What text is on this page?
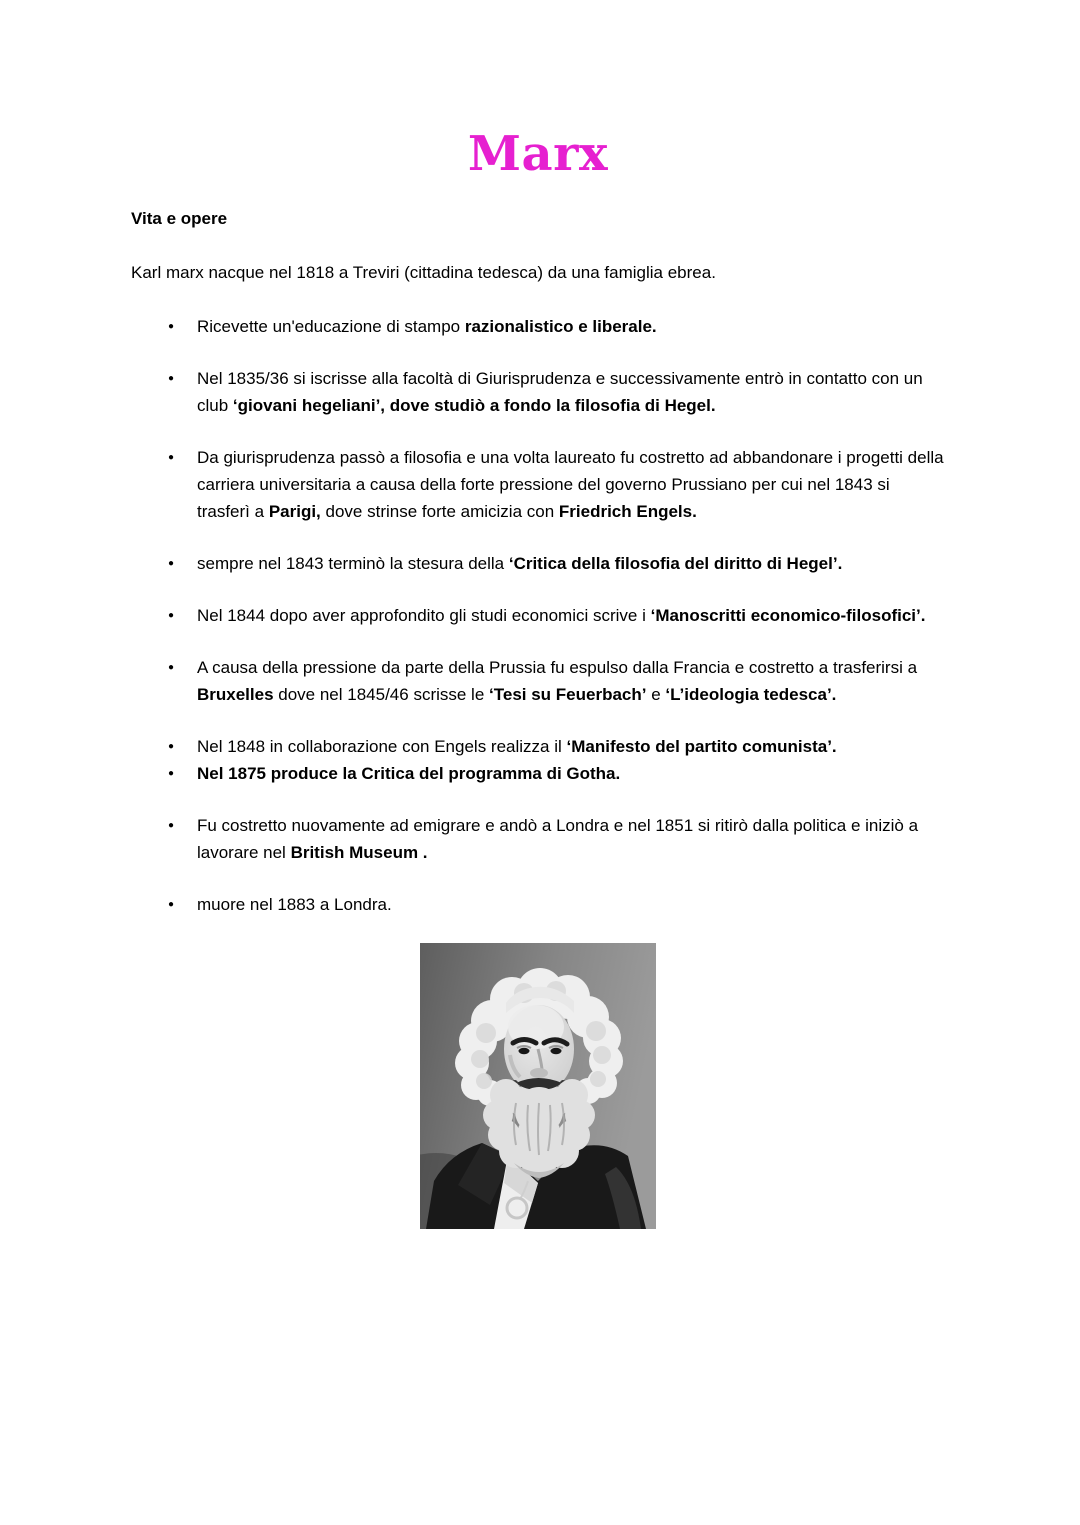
Marx
Vita e opere

Karl marx nacque nel 1818 a Treviri (cittadina tedesca) da una famiglia ebrea.

● Ricevette un'educazione di stampo razionalistico e liberale.
● Nel 1835/36 si iscrisse alla facoltà di Giurisprudenza e successivamente entrò in contatto con un club ‘giovani hegeliani’, dove studiò a fondo la filosofia di Hegel.
● Da giurisprudenza passò a filosofia e una volta laureato fu costretto ad abbandonare i progetti della carriera universitaria a causa della forte pressione del governo Prussiano per cui nel 1843 si trasferì a Parigi, dove strinse forte amicizia con Friedrich Engels.
● sempre nel 1843 terminò la stesura della ‘Critica della filosofia del diritto di Hegel’.
● Nel 1844 dopo aver approfondito gli studi economici scrive i ‘Manoscritti economico-filosofici’.
● A causa della pressione da parte della Prussia fu espulso dalla Francia e costretto a trasferirsi a Bruxelles dove nel 1845/46 scrisse le ‘Tesi su Feuerbach’ e ‘L’ideologia tedesca’.
● Nel 1848 in collaborazione con Engels realizza il ‘Manifesto del partito comunista’.
● Nel 1875 produce la Critica del programma di Gotha.
● Fu costretto nuovamente ad emigrare e andò a Londra e nel 1851 si ritirò dalla politica e iniziò a lavorare nel British Museum .
● muore nel 1883 a Londra.
